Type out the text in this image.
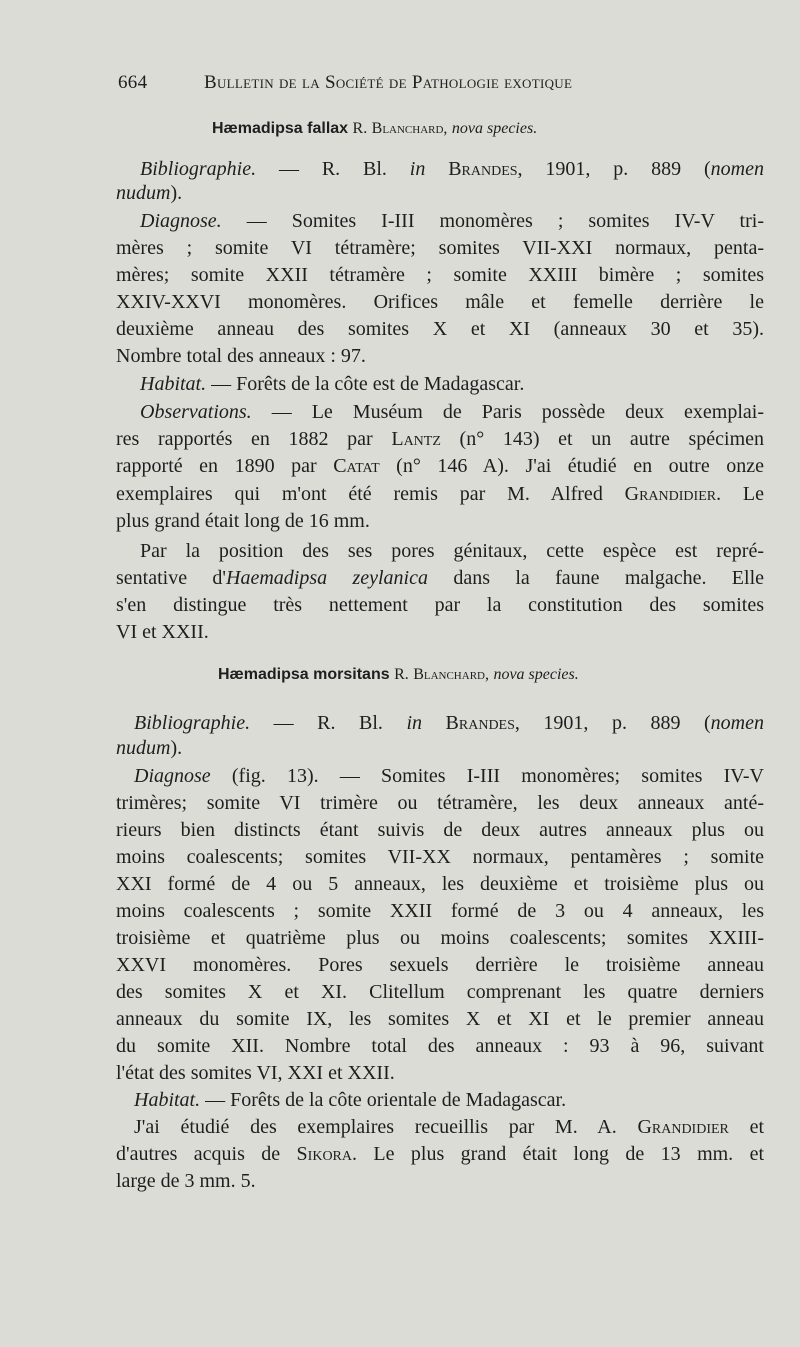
664	Bulletin de la Société de Pathologie exotique
Hæmadipsa fallax R. Blanchard, nova species.
Bibliographie. — R. Bl. in Brandes, 1901, p. 889 (nomen
nudum).
Diagnose. — Somites I-III monomères ; somites IV-V tri-
mères ; somite VI tétramère; somites VII-XXI normaux, penta-
mères; somite XXII tétramère ; somite XXIII bimère ; somites
XXIV-XXVI monomères. Orifices mâle et femelle derrière le
deuxième anneau des somites X et XI (anneaux 30 et 35).
Nombre total des anneaux : 97.
Habitat. — Forêts de la côte est de Madagascar.
Observations. — Le Muséum de Paris possède deux exemplai-
res rapportés en 1882 par Lantz (n° 143) et un autre spécimen
rapporté en 1890 par Catat (n° 146 A). J'ai étudié en outre onze
exemplaires qui m'ont été remis par M. Alfred Grandidier. Le
plus grand était long de 16 mm.
Par la position des ses pores génitaux, cette espèce est repré-
sentative d'Haemadipsa zeylanica dans la faune malgache. Elle
s'en distingue très nettement par la constitution des somites
VI et XXII.
Hæmadipsa morsitans R. Blanchard, nova species.
Bibliographie. — R. Bl. in Brandes, 1901, p. 889 (nomen
nudum).
Diagnose (fig. 13). — Somites I-III monomères; somites IV-V
trimères; somite VI trimère ou tétramère, les deux anneaux anté-
rieurs bien distincts étant suivis de deux autres anneaux plus ou
moins coalescents; somites VII-XX normaux, pentamères ; somite
XXI formé de 4 ou 5 anneaux, les deuxième et troisième plus ou
moins coalescents ; somite XXII formé de 3 ou 4 anneaux, les
troisième et quatrième plus ou moins coalescents; somites XXIII-
XXVI monomères. Pores sexuels derrière le troisième anneau
des somites X et XI. Clitellum comprenant les quatre derniers
anneaux du somite IX, les somites X et XI et le premier anneau
du somite XII. Nombre total des anneaux : 93 à 96, suivant
l'état des somites VI, XXI et XXII.
Habitat. — Forêts de la côte orientale de Madagascar.
J'ai étudié des exemplaires recueillis par M. A. Grandidier et
d'autres acquis de Sikora. Le plus grand était long de 13 mm. et
large de 3 mm. 5.
